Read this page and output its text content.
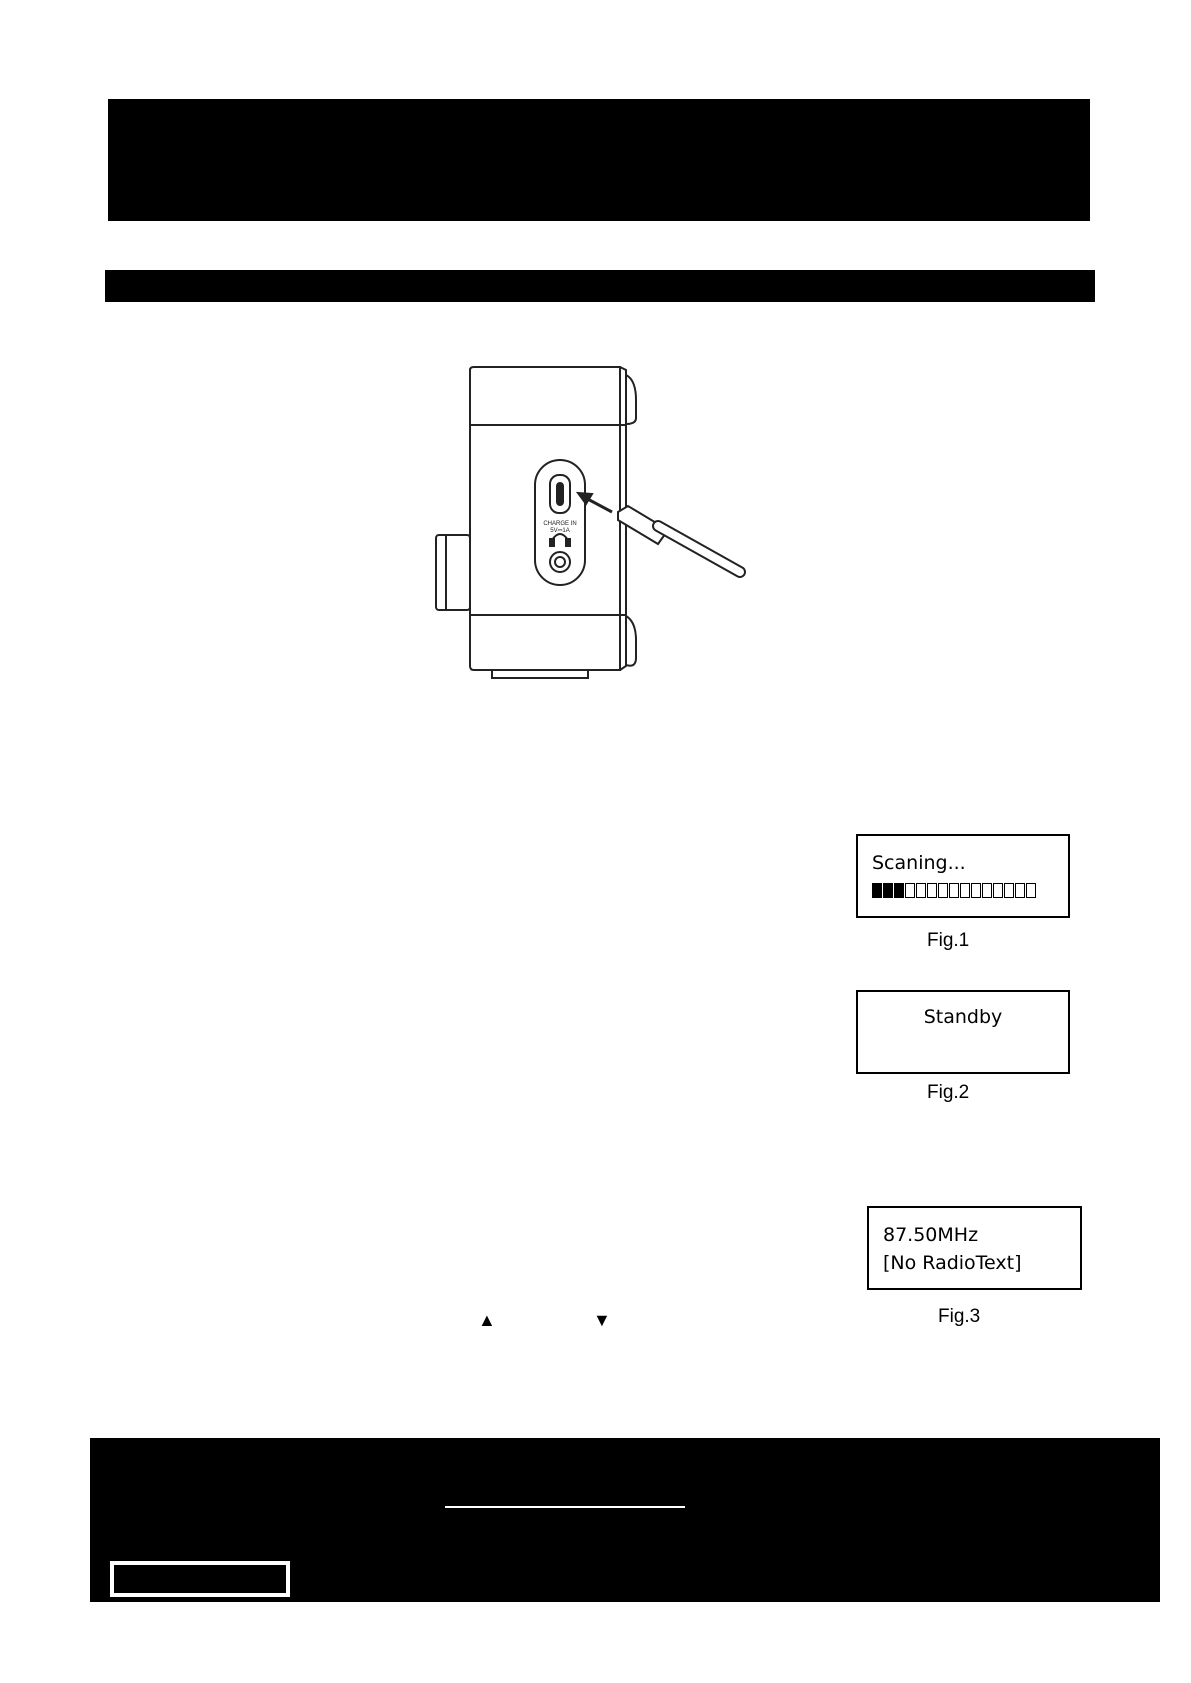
CHARGE IN
5V⎓1A
Scaning...
Fig.1
Standby
Fig.2
87.50MHz
[No RadioText]
Fig.3
▲	▼
